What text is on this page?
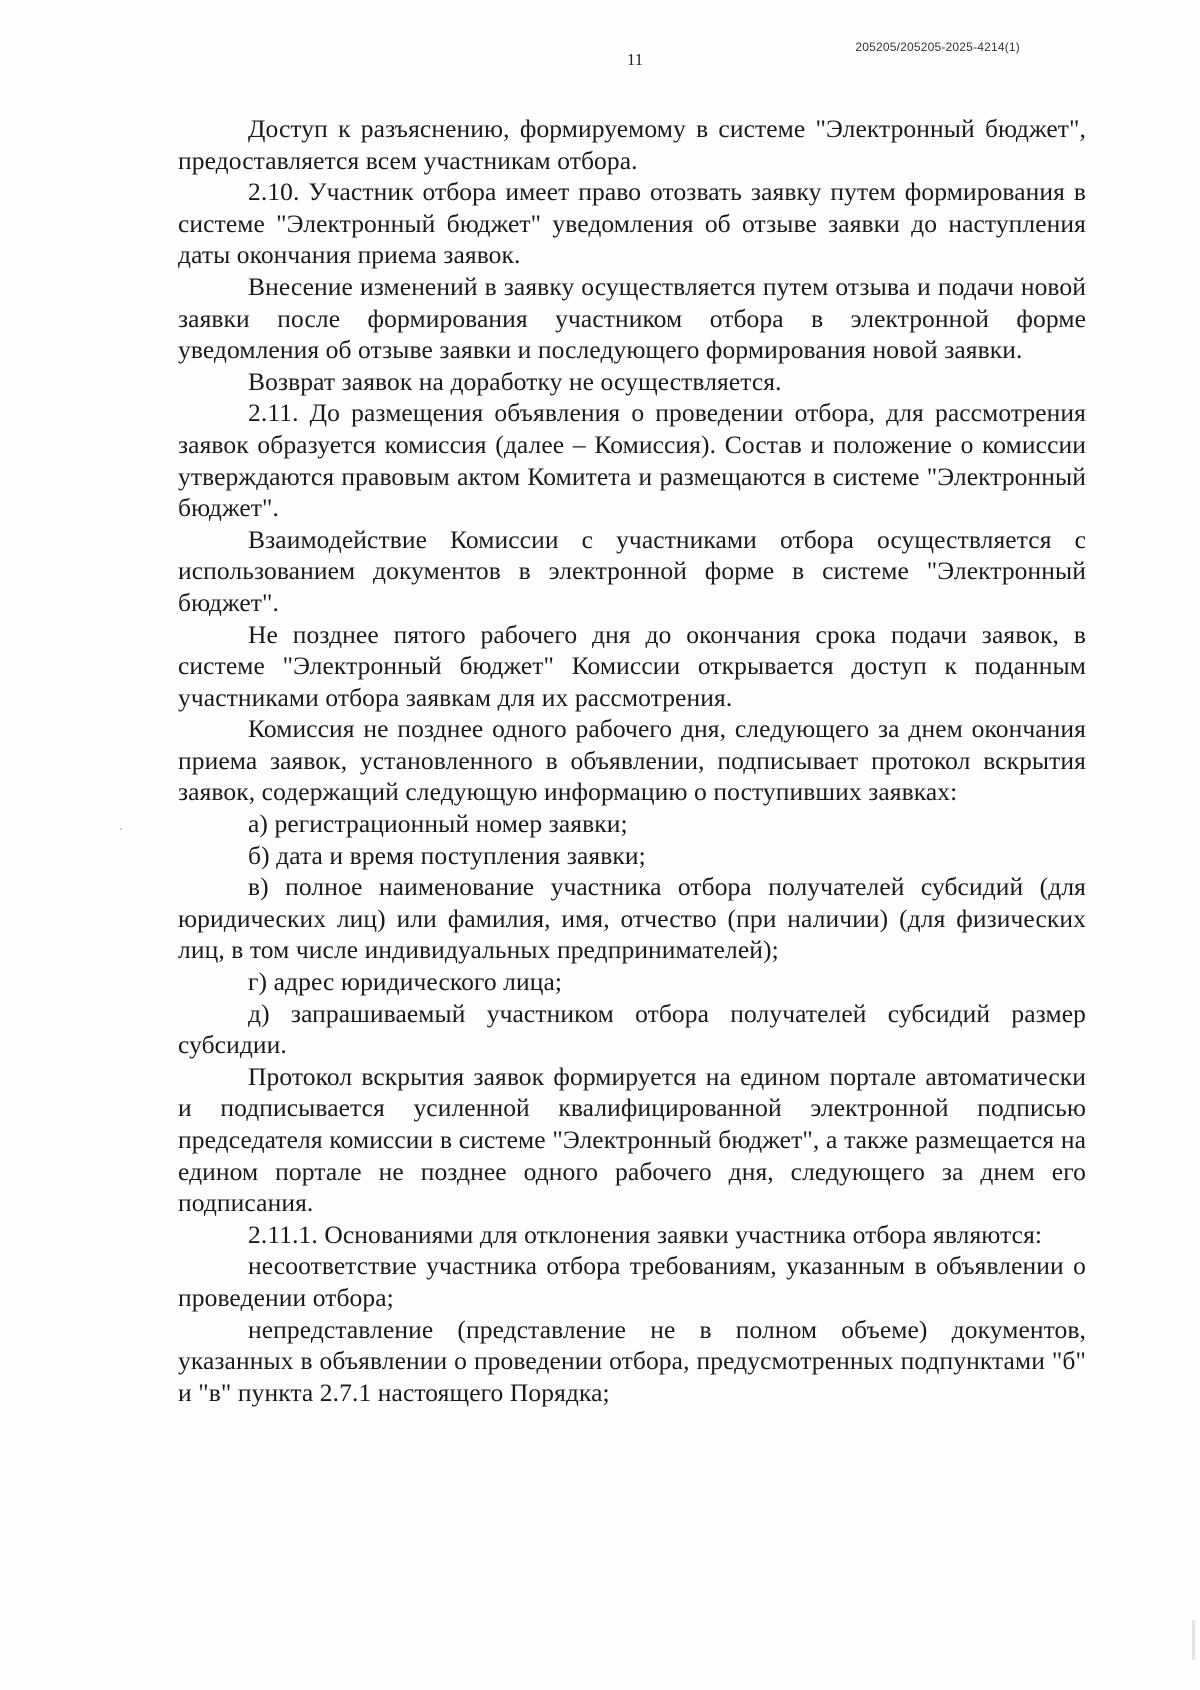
205205/205205-2025-4214(1)
11

Доступ к разъяснению, формируемому в системе "Электронный бюджет", предоставляется всем участникам отбора.

2.10. Участник отбора имеет право отозвать заявку путем формирования в системе "Электронный бюджет" уведомления об отзыве заявки до наступления даты окончания приема заявок.

Внесение изменений в заявку осуществляется путем отзыва и подачи новой заявки после формирования участником отбора в электронной форме уведомления об отзыве заявки и последующего формирования новой заявки.

Возврат заявок на доработку не осуществляется.

2.11. До размещения объявления о проведении отбора, для рассмотрения заявок образуется комиссия (далее – Комиссия). Состав и положение о комиссии утверждаются правовым актом Комитета и размещаются в системе "Электронный бюджет".

Взаимодействие Комиссии с участниками отбора осуществляется с использованием документов в электронной форме в системе "Электронный бюджет".

Не позднее пятого рабочего дня до окончания срока подачи заявок, в системе "Электронный бюджет" Комиссии открывается доступ к поданным участниками отбора заявкам для их рассмотрения.

Комиссия не позднее одного рабочего дня, следующего за днем окончания приема заявок, установленного в объявлении, подписывает протокол вскрытия заявок, содержащий следующую информацию о поступивших заявках:

а) регистрационный номер заявки;

б) дата и время поступления заявки;

в) полное наименование участника отбора получателей субсидий (для юридических лиц) или фамилия, имя, отчество (при наличии) (для физических лиц, в том числе индивидуальных предпринимателей);

г) адрес юридического лица;

д) запрашиваемый участником отбора получателей субсидий размер субсидии.

Протокол вскрытия заявок формируется на едином портале автоматически и подписывается усиленной квалифицированной электронной подписью председателя комиссии в системе "Электронный бюджет", а также размещается на едином портале не позднее одного рабочего дня, следующего за днем его подписания.

2.11.1. Основаниями для отклонения заявки участника отбора являются:

несоответствие участника отбора требованиям, указанным в объявлении о проведении отбора;

непредставление (представление не в полном объеме) документов, указанных в объявлении о проведении отбора, предусмотренных подпунктами "б" и "в" пункта 2.7.1 настоящего Порядка;
